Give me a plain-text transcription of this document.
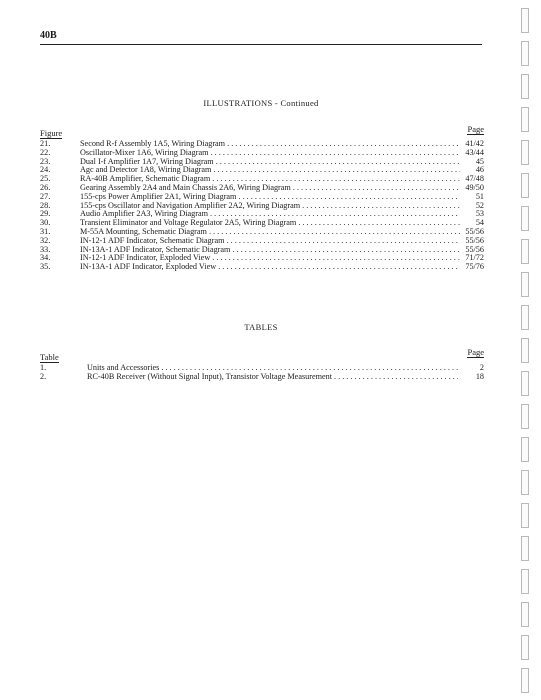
40B
ILLUSTRATIONS - Continued
Figure	Page
21.	Second R-f Assembly 1A5, Wiring Diagram . . .	41/42
22.	Oscillator-Mixer 1A6, Wiring Diagram . . .	43/44
23.	Dual I-f Amplifier 1A7, Wiring Diagram . . .	45
24.	Agc and Detector 1A8, Wiring Diagram . . .	46
25.	RA-40B Amplifier, Schematic Diagram . . .	47/48
26.	Gearing Assembly 2A4 and Main Chassis 2A6, Wiring Diagram . . .	49/50
27.	155-cps Power Amplifier 2A1, Wiring Diagram . . .	51
28.	155-cps Oscillator and Navigation Amplifier 2A2, Wiring Diagram . . .	52
29.	Audio Amplifier 2A3, Wiring Diagram . . .	53
30.	Transient Eliminator and Voltage Regulator 2A5, Wiring Diagram . . .	54
31.	M-55A Mounting, Schematic Diagram . . .	55/56
32.	IN-12-1 ADF Indicator, Schematic Diagram . . .	55/56
33.	IN-13A-1 ADF Indicator, Schematic Diagram . . .	55/56
34.	IN-12-1 ADF Indicator, Exploded View . . .	71/72
35.	IN-13A-1 ADF Indicator, Exploded View . . .	75/76
TABLES
Table	Page
1.	Units and Accessories . . .	2
2.	RC-40B Receiver (Without Signal Input), Transistor Voltage Measurement . . .	18
